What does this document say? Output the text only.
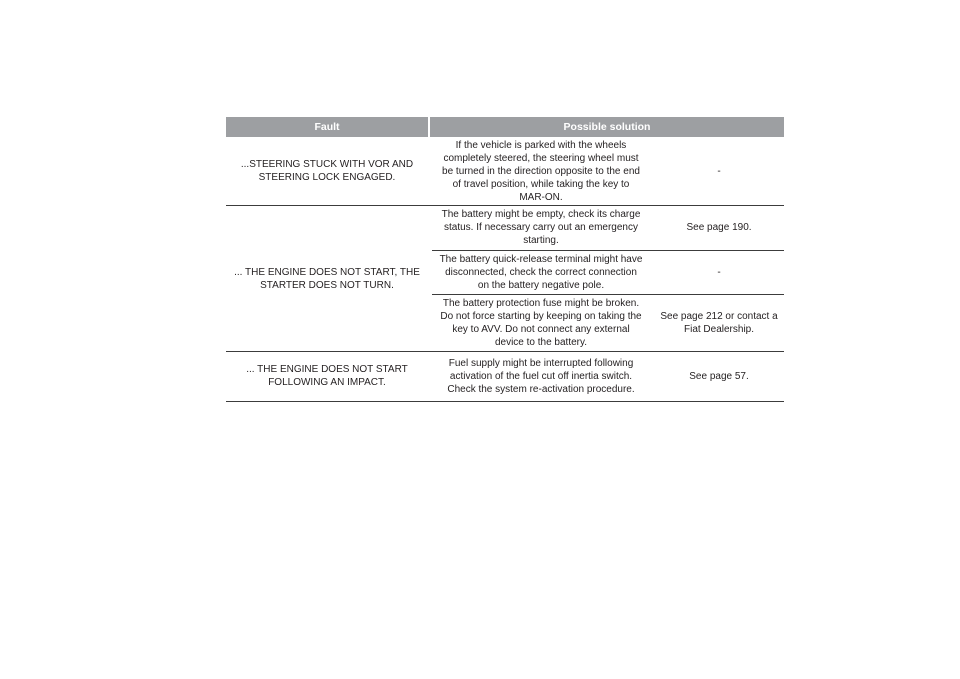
Fault	Possible solution
...STEERING STUCK WITH VOR AND
STEERING LOCK ENGAGED.
If the vehicle is parked with the wheels
completely steered, the steering wheel must
be turned in the direction opposite to the end
of travel position, while taking the key to
MAR-ON.
-
... THE ENGINE DOES NOT START, THE
STARTER DOES NOT TURN.
The battery might be empty, check its charge
status. If necessary carry out an emergency
starting.
See page 190.
The battery quick-release terminal might have
disconnected, check the correct connection
on the battery negative pole.
-
The battery protection fuse might be broken.
Do not force starting by keeping on taking the
key to AVV. Do not connect any external
device to the battery.
See page 212 or contact a
Fiat Dealership.
... THE ENGINE DOES NOT START
FOLLOWING AN IMPACT.
Fuel supply might be interrupted following
activation of the fuel cut off inertia switch.
Check the system re-activation procedure.
See page 57.
